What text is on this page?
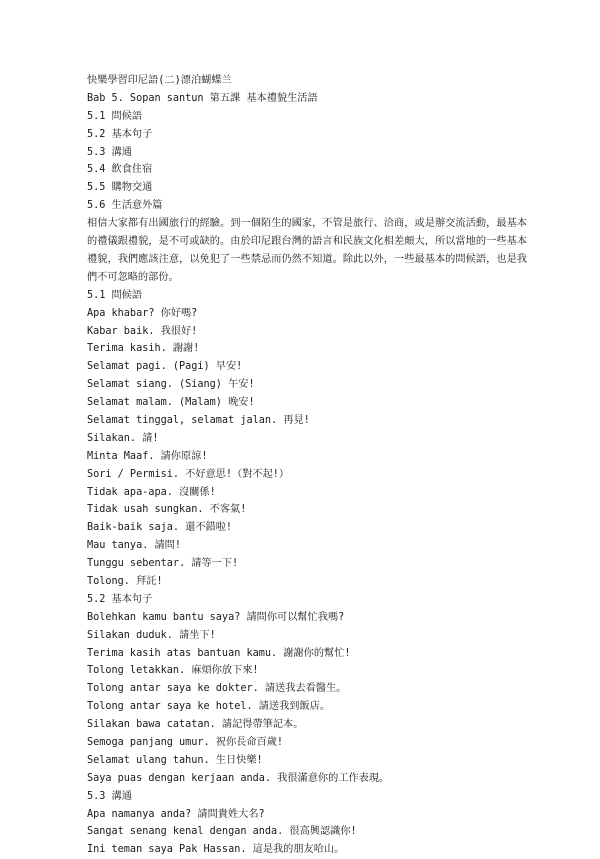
快樂學習印尼語(二)漂泊蝴蝶兰
Bab 5. Sopan santun 第五課 基本禮貌生活語
5.1 問候語
5.2 基本句子
5.3 溝通
5.4 飲食住宿
5.5 購物交通
5.6 生活意外篇

相信大家都有出國旅行的經驗。到一個陌生的國家，不管是旅行、洽商，或是辦交流活動，最基本的禮儀跟禮貌，是不可或缺的。由於印尼跟台灣的語言和民族文化相差頗大，所以當地的一些基本禮貌，我們應該注意，以免犯了一些禁忌而仍然不知道。除此以外，一些最基本的問候語，也是我們不可忽略的部份。

5.1 問候語
Apa khabar? 你好嗎?
Kabar baik. 我很好!
Terima kasih. 謝謝!
Selamat pagi. (Pagi) 早安!
Selamat siang. (Siang) 午安!
Selamat malam. (Malam) 晚安!
Selamat tinggal, selamat jalan. 再見!
Silakan. 請!
Minta Maaf. 請你原諒!
Sori / Permisi. 不好意思!（對不起!）
Tidak apa-apa. 沒關係!
Tidak usah sungkan. 不客氣!
Baik-baik saja. 還不錯啦!
Mau tanya. 請問!
Tunggu sebentar. 請等一下!
Tolong. 拜託!
5.2 基本句子
Bolehkan kamu bantu saya? 請問你可以幫忙我嗎?
Silakan duduk. 請坐下!
Terima kasih atas bantuan kamu. 謝謝你的幫忙!
Tolong letakkan. 麻煩你放下來!
Tolong antar saya ke dokter. 請送我去看醫生。
Tolong antar saya ke hotel. 請送我到飯店。
Silakan bawa catatan. 請記得帶筆記本。
Semoga panjang umur. 祝你長命百歲!
Selamat ulang tahun. 生日快樂!
Saya puas dengan kerjaan anda. 我很滿意你的工作表現。
5.3 溝通
Apa namanya anda? 請問貴姓大名?
Sangat senang kenal dengan anda. 很高興認識你!
Ini teman saya Pak Hassan. 這是我的朋友哈山。
